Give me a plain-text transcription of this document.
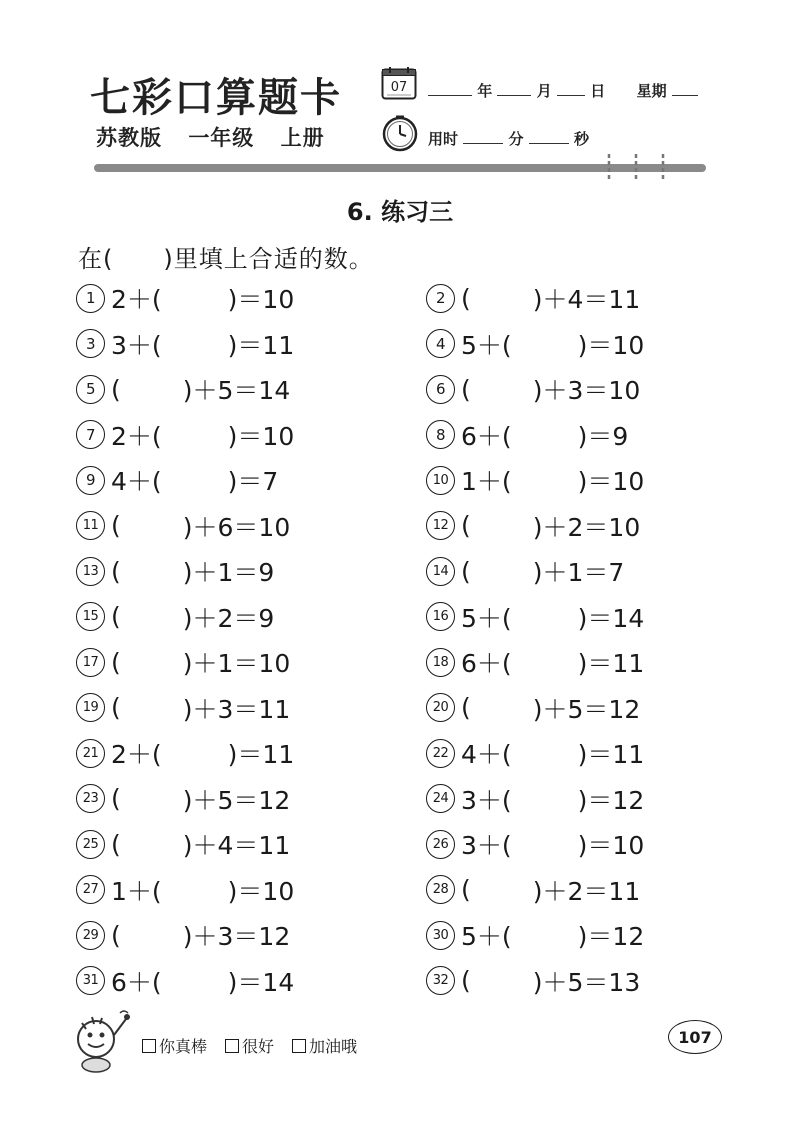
七彩口算题卡
苏教版 一年级 上册
07	年	月	日 星期
用时	分	秒
6. 练习三
在(　　)里填上合适的数。
1 2＋(	)＝10	2 ( )＋4＝11
3 3＋(	)＝11	4 5＋(	)＝10
5 ( )＋5＝14	6 ( )＋3＝10
7 2＋(	)＝10	8 6＋(	)＝9
9 4＋(	)＝7	10 1＋(	)＝10
11 ( )＋6＝10	12 ( )＋2＝10
13 ( )＋1＝9	14 ( )＋1＝7
15 ( )＋2＝9	16 5＋(	)＝14
17 ( )＋1＝10	18 6＋(	)＝11
19 ( )＋3＝11	20 ( )＋5＝12
21 2＋(	)＝11	22 4＋(	)＝11
23 ( )＋5＝12	24 3＋(	)＝12
25 ( )＋4＝11	26 3＋(	)＝10
27 1＋(	)＝10	28 ( )＋2＝11
29 ( )＋3＝12	30 5＋(	)＝12
31 6＋(	)＝14	32 ( )＋5＝13
你真棒 很好 加油哦	107
